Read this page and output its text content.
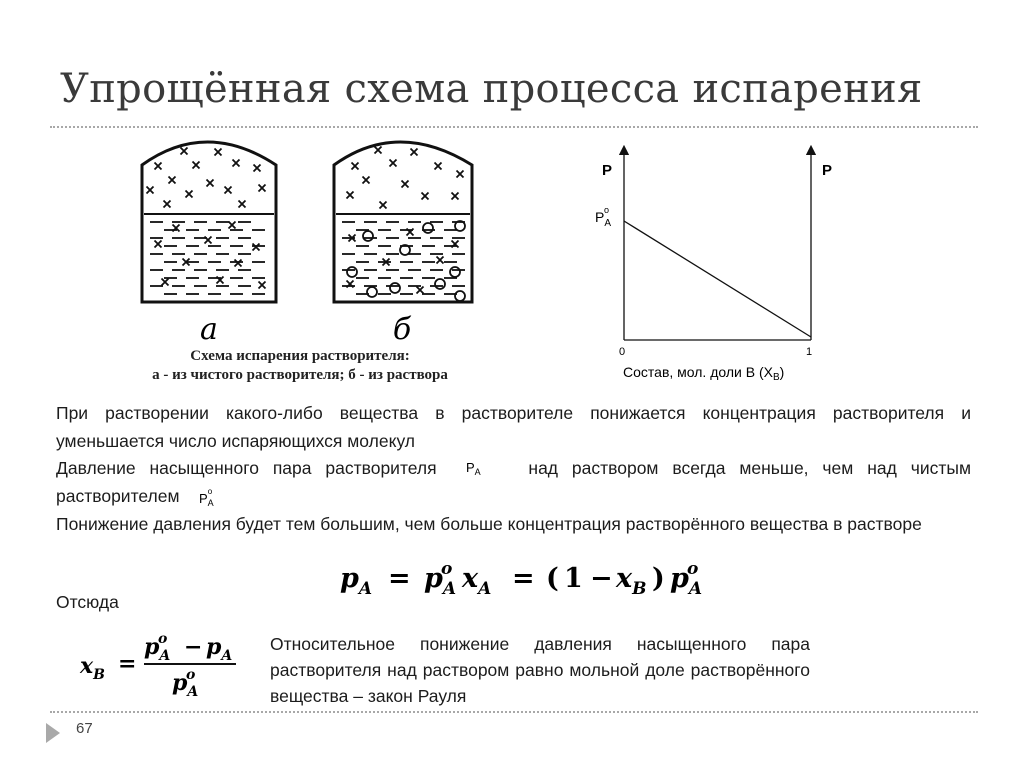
Упрощённая схема процесса испарения
а	б
Схема испарения растворителя:
а - из чистого растворителя; б - из раствора
P	P
$P_Ao$
0	1
Состав, мол. доли В $(X_B)$

При растворении какого-либо вещества в растворителе понижается концентрация растворителя и уменьшается число испаряющихся молекул

Давление насыщенного пара растворителя $P_A$	над раствором всегда меньше, чем над чистым растворителем $P_Ao$

Понижение давления будет тем большим, чем больше концентрация растворённого вещества в растворе

$p_A = p_A$
o $x_A$ = ( $1 - x_B$ ) $p_A$
o
Отсюда
$x_B$ =
$p_A$
$o - p_A$
$p_A$
o

Относительное понижение давления насыщенного пара растворителя над раствором равно мольной доле растворённого вещества – закон Рауля

67
